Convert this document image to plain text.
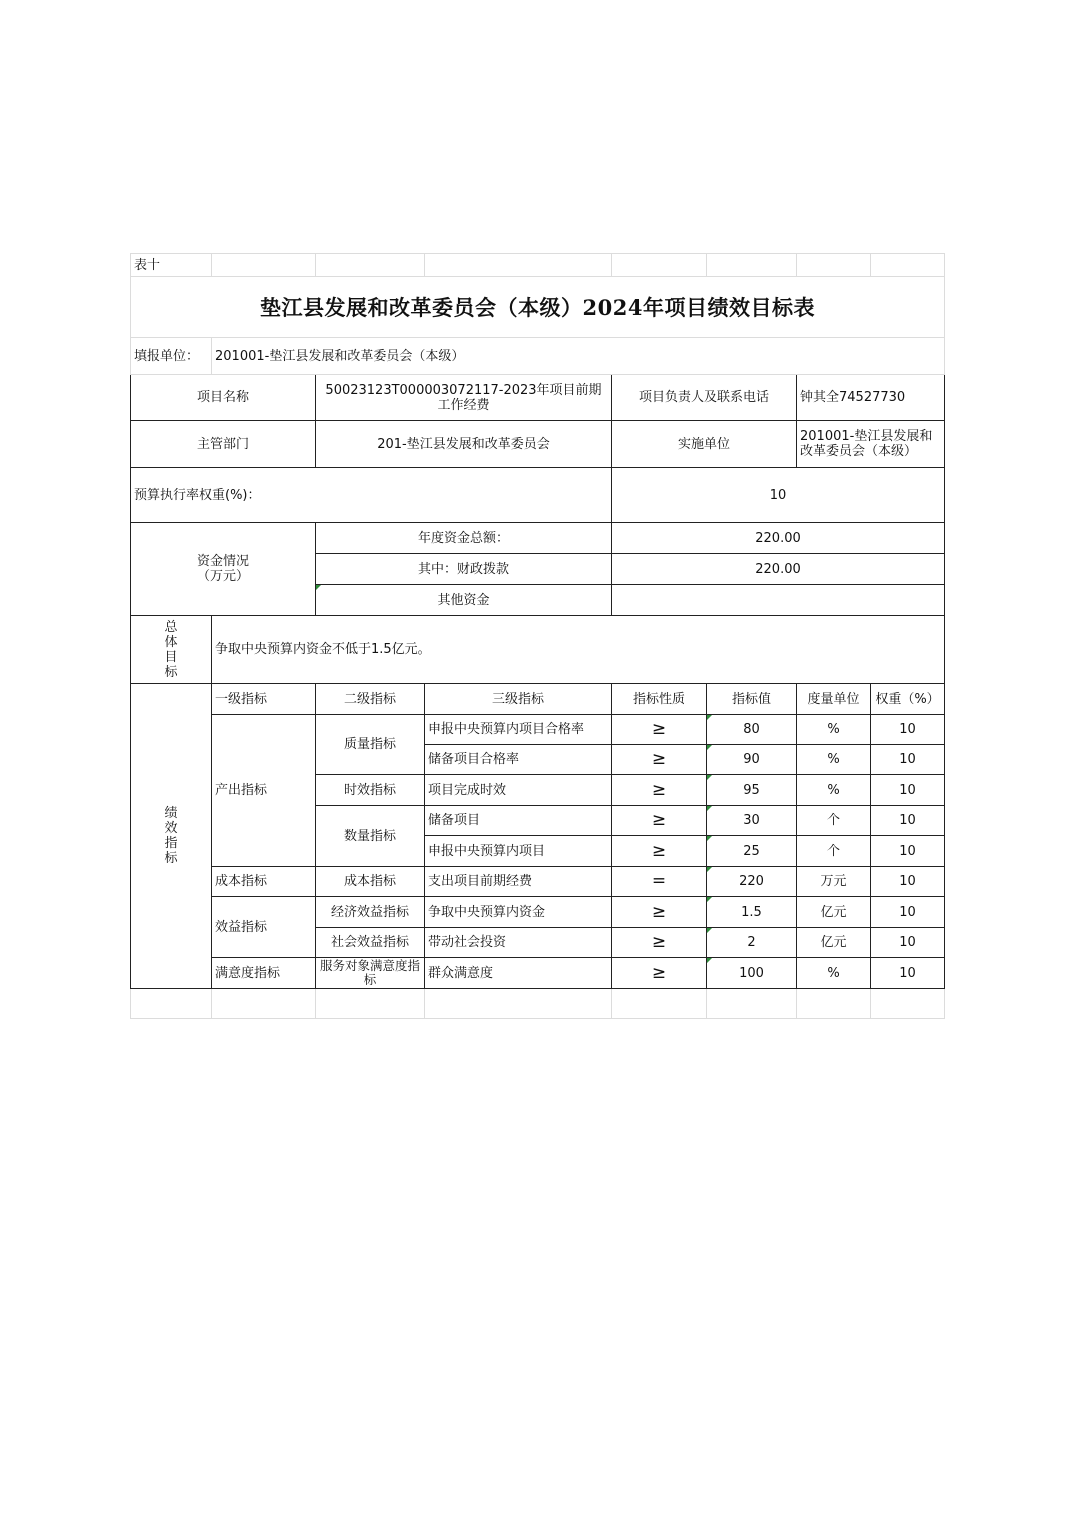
表十							
垫江县发展和改革委员会（本级）2024年项目绩效目标表							
填报单位：	201001-垫江县发展和改革委员会（本级）						
项目名称		50023123T000003072117-2023年项目前期工作经费		项目负责人及联系电话		钟其全74527730	
主管部门		201-垫江县发展和改革委员会		实施单位		201001-垫江县发展和改革委员会（本级）	
预算执行率权重(%)：				10			
资金情况
（万元）		年度资金总额：		220.00			
		其中：财政拨款		220.00			
		其他资金					

总
体
目
标	争取中央预算内资金不低于1.5亿元。						

绩
效
指
标	一级指标	二级指标	三级指标	指标性质	指标值	度量单位	权重（%）
	产出指标	质量指标	申报中央预算内项目合格率	≥	80	%	10
			储备项目合格率	≥	90	%	10
		时效指标	项目完成时效	≥	95	%	10
		数量指标	储备项目	≥	30	个	10
			申报中央预算内项目	≥	25	个	10
	成本指标	成本指标	支出项目前期经费	=	220	万元	10
	效益指标	经济效益指标	争取中央预算内资金	≥	1.5	亿元	10
		社会效益指标	带动社会投资	≥	2	亿元	10
	满意度指标	服务对象满意度指标	群众满意度	≥	100	%	10
